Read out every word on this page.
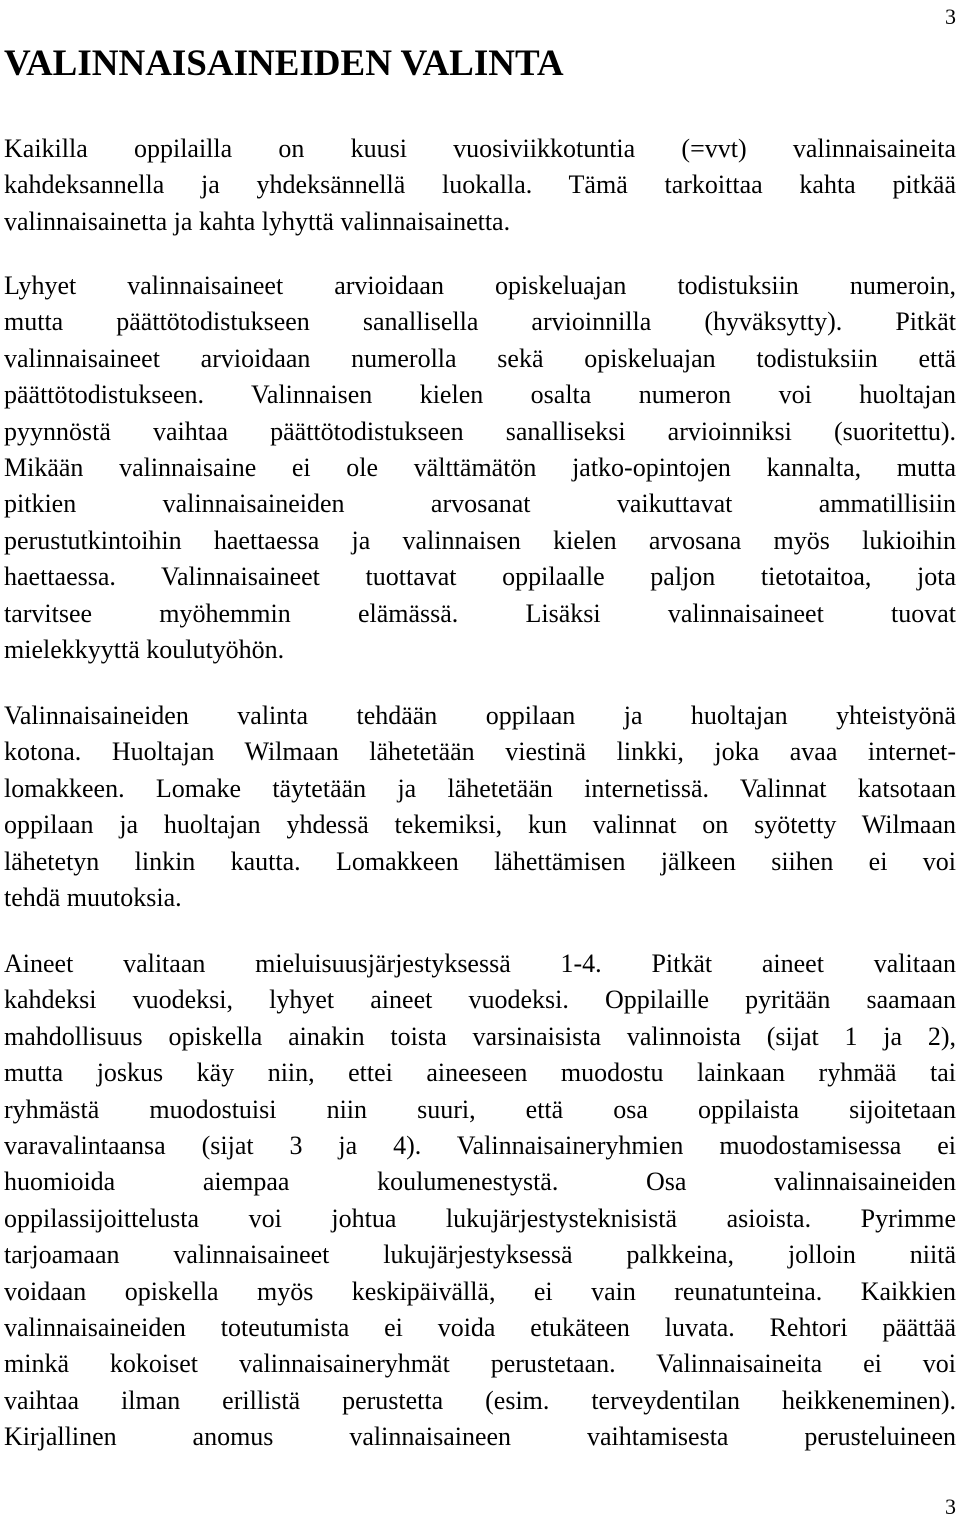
3
VALINNAISAINEIDEN VALINTA
Kaikilla oppilailla on kuusi vuosiviikkotuntia (=vvt) valinnaisaineita
kahdeksannella ja yhdeksännellä luokalla. Tämä tarkoittaa kahta pitkää
valinnaisainetta ja kahta lyhyttä valinnaisainetta.
Lyhyet valinnaisaineet arvioidaan opiskeluajan todistuksiin numeroin,
mutta päättötodistukseen sanallisella arvioinnilla (hyväksytty). Pitkät
valinnaisaineet arvioidaan numerolla sekä opiskeluajan todistuksiin että
päättötodistukseen. Valinnaisen kielen osalta numeron voi huoltajan
pyynnöstä vaihtaa päättötodistukseen sanalliseksi arvioinniksi (suoritettu).
Mikään valinnaisaine ei ole välttämätön jatko-opintojen kannalta, mutta
pitkien valinnaisaineiden arvosanat vaikuttavat ammatillisiin
perustutkintoihin haettaessa ja valinnaisen kielen arvosana myös lukioihin
haettaessa. Valinnaisaineet tuottavat oppilaalle paljon tietotaitoa, jota
tarvitsee myöhemmin elämässä. Lisäksi valinnaisaineet tuovat
mielekkyyttä koulutyöhön.
Valinnaisaineiden valinta tehdään oppilaan ja huoltajan yhteistyönä
kotona. Huoltajan Wilmaan lähetetään viestinä linkki, joka avaa internet-
lomakkeen. Lomake täytetään ja lähetetään internetissä. Valinnat katsotaan
oppilaan ja huoltajan yhdessä tekemiksi, kun valinnat on syötetty Wilmaan
lähetetyn linkin kautta. Lomakkeen lähettämisen jälkeen siihen ei voi
tehdä muutoksia.
Aineet valitaan mieluisuusjärjestyksessä 1-4. Pitkät aineet valitaan
kahdeksi vuodeksi, lyhyet aineet vuodeksi. Oppilaille pyritään saamaan
mahdollisuus opiskella ainakin toista varsinaisista valinnoista (sijat 1 ja 2),
mutta joskus käy niin, ettei aineeseen muodostu lainkaan ryhmää tai
ryhmästä muodostuisi niin suuri, että osa oppilaista sijoitetaan
varavalintaansa (sijat 3 ja 4). Valinnaisaineryhmien muodostamisessa ei
huomioida aiempaa koulumenestystä. Osa valinnaisaineiden
oppilassijoittelusta voi johtua lukujärjestysteknisistä asioista. Pyrimme
tarjoamaan valinnaisaineet lukujärjestyksessä palkkeina, jolloin niitä
voidaan opiskella myös keskipäivällä, ei vain reunatunteina. Kaikkien
valinnaisaineiden toteutumista ei voida etukäteen luvata. Rehtori päättää
minkä kokoiset valinnaisaineryhmät perustetaan. Valinnaisaineita ei voi
vaihtaa ilman erillistä perustetta (esim. terveydentilan heikkeneminen).
Kirjallinen anomus valinnaisaineen vaihtamisesta perusteluineen
3
